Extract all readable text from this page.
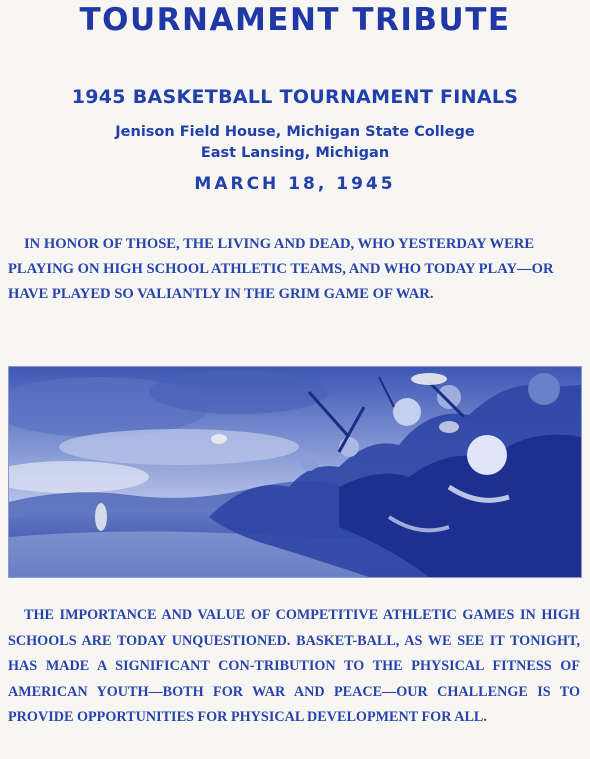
TOURNAMENT TRIBUTE
1945 BASKETBALL TOURNAMENT FINALS
Jenison Field House, Michigan State College
East Lansing, Michigan
MARCH 18, 1945

IN HONOR OF THOSE, THE LIVING AND DEAD, WHO YESTERDAY WERE PLAYING ON HIGH SCHOOL ATHLETIC TEAMS, AND WHO TODAY PLAY—OR HAVE PLAYED SO VALIANTLY IN THE GRIM GAME OF WAR.

THE IMPORTANCE AND VALUE OF COMPETITIVE ATHLETIC GAMES IN HIGH SCHOOLS ARE TODAY UNQUESTIONED. BASKET-BALL, AS WE SEE IT TONIGHT, HAS MADE A SIGNIFICANT CON-TRIBUTION TO THE PHYSICAL FITNESS OF AMERICAN YOUTH—BOTH FOR WAR AND PEACE—OUR CHALLENGE IS TO PROVIDE OPPORTUNITIES FOR PHYSICAL DEVELOPMENT FOR ALL.
